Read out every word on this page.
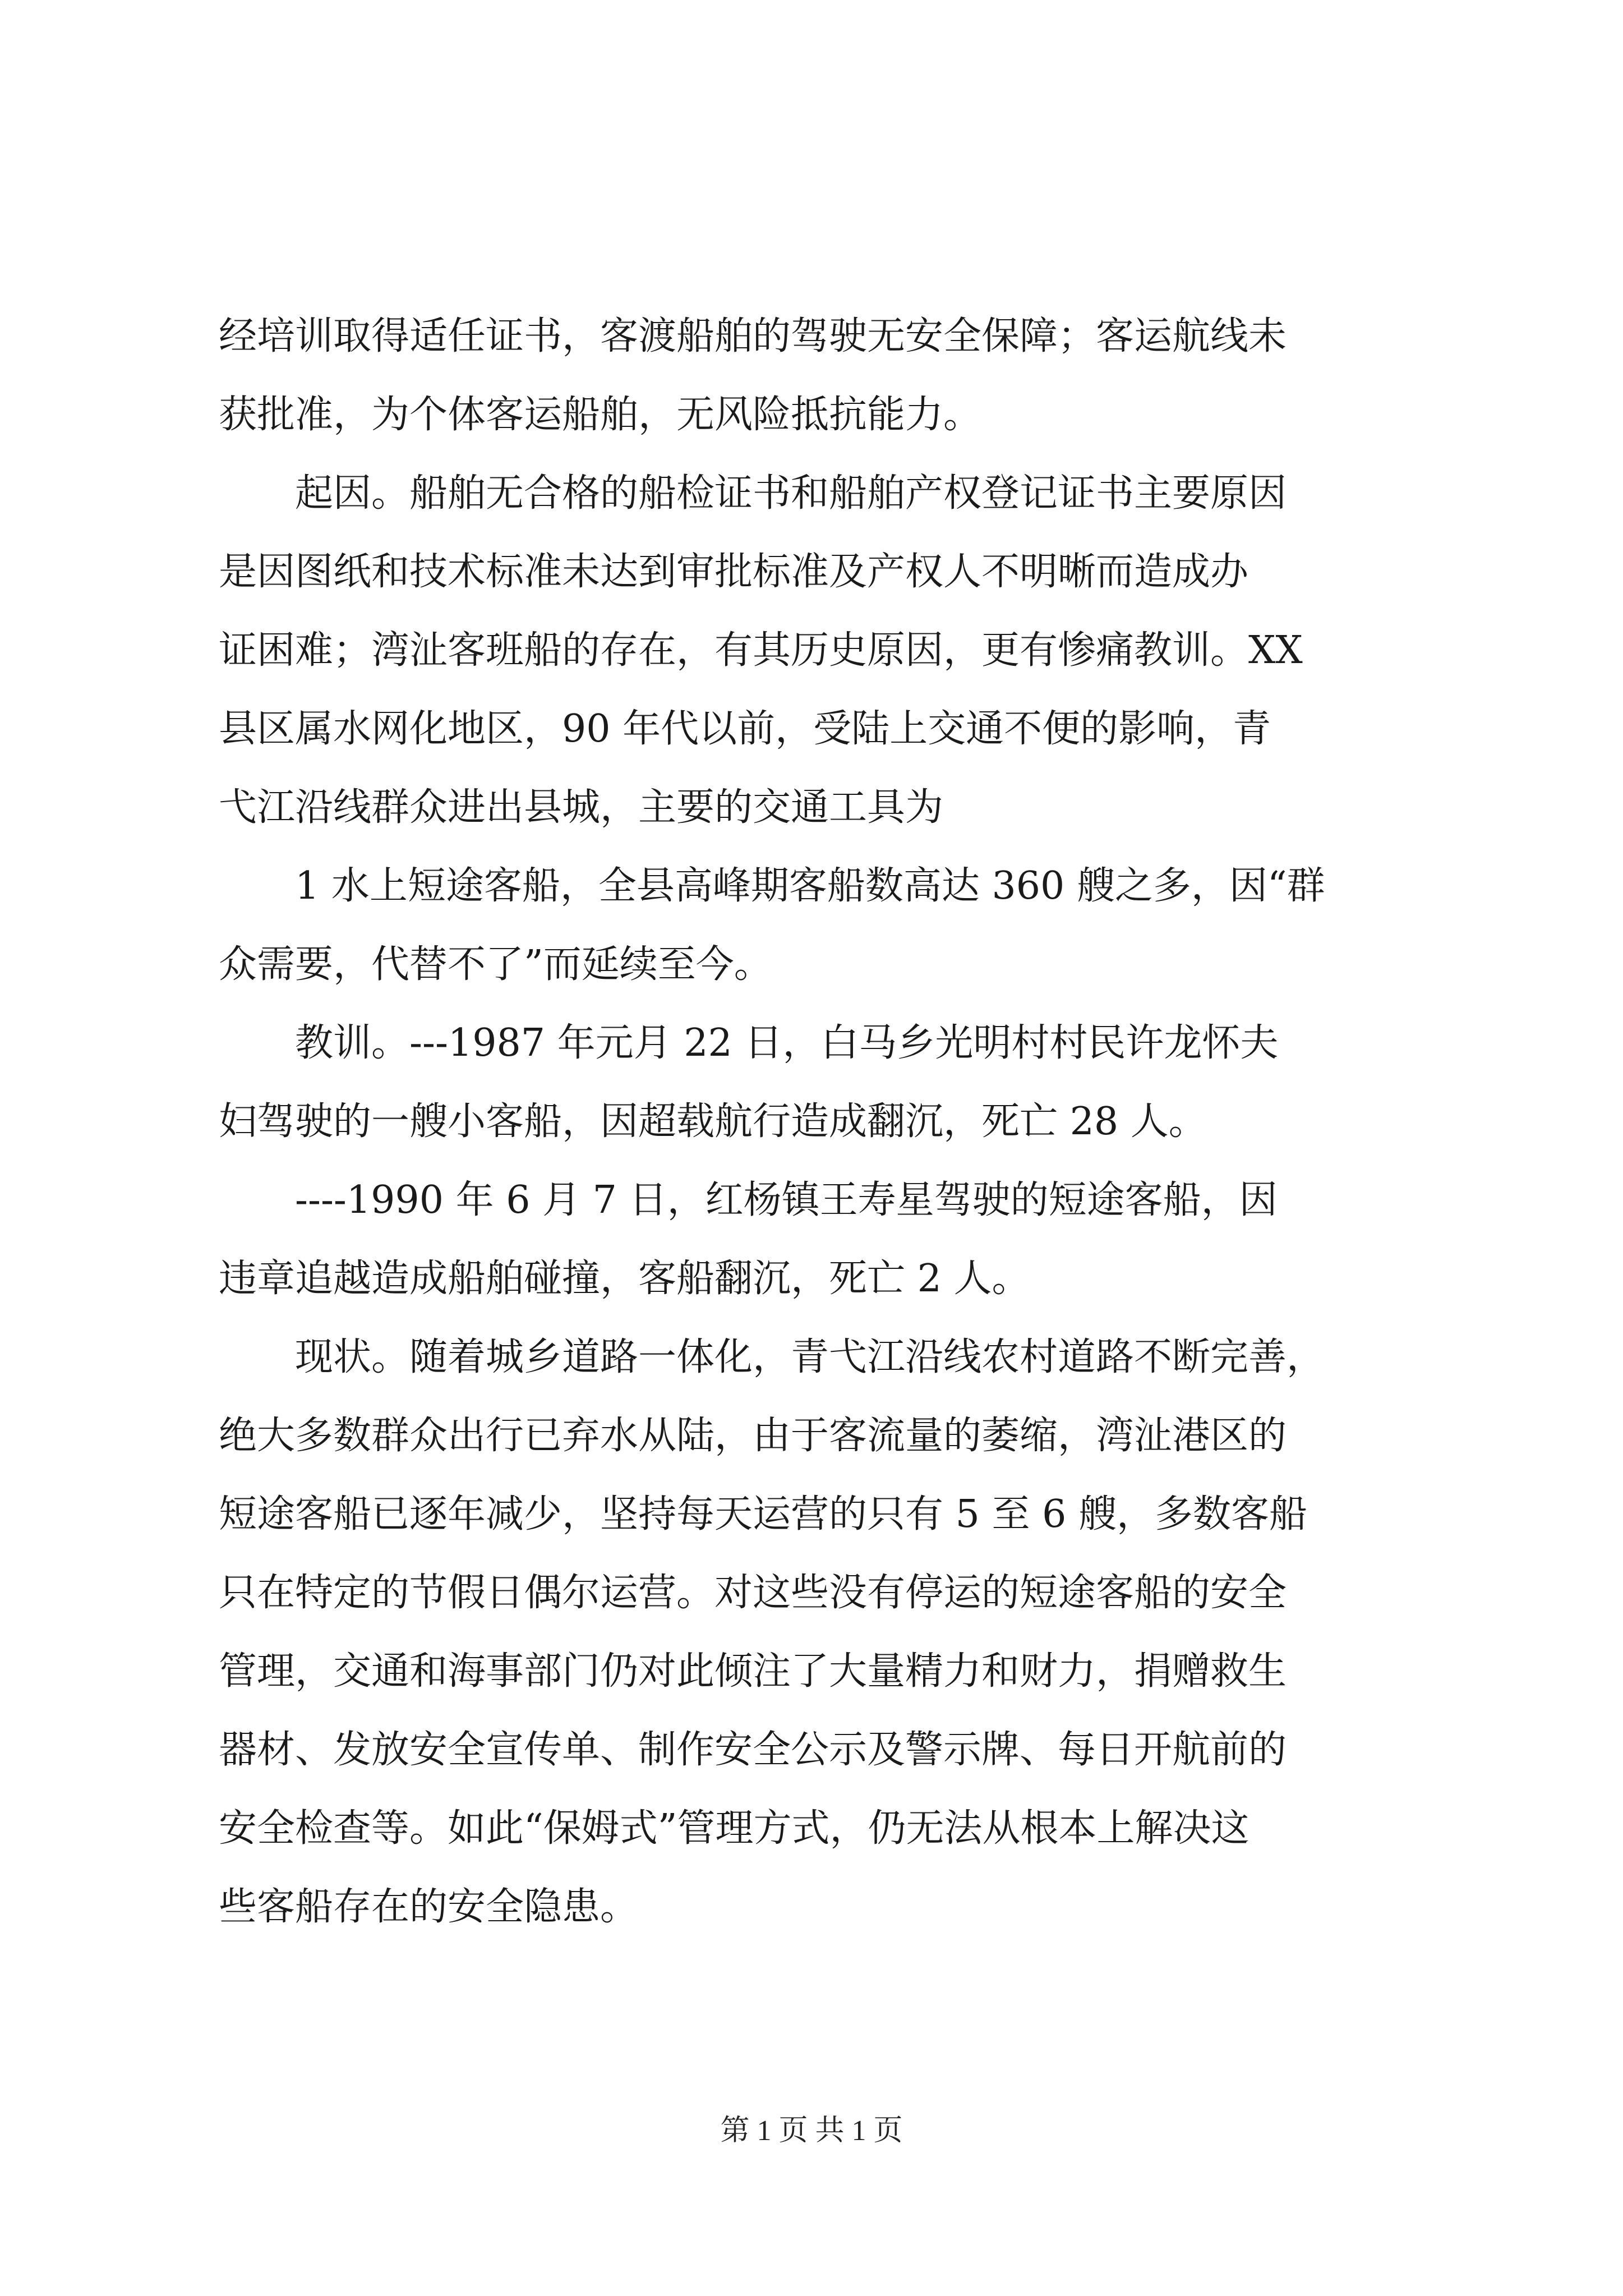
经培训取得适任证书，客渡船舶的驾驶无安全保障；客运航线未
获批准，为个体客运船舶，无风险抵抗能力。
　　起因。船舶无合格的船检证书和船舶产权登记证书主要原因
是因图纸和技术标准未达到审批标准及产权人不明晰而造成办
证困难；湾沚客班船的存在，有其历史原因，更有惨痛教训。XX
县区属水网化地区，90 年代以前，受陆上交通不便的影响，青
弋江沿线群众进出县城，主要的交通工具为
　　1 水上短途客船，全县高峰期客船数高达 360 艘之多，因“群
众需要，代替不了”而延续至今。
　　教训。---1987 年元月 22 日，白马乡光明村村民许龙怀夫
妇驾驶的一艘小客船，因超载航行造成翻沉，死亡 28 人。
　　----1990 年 6 月 7 日，红杨镇王寿星驾驶的短途客船，因
违章追越造成船舶碰撞，客船翻沉，死亡 2 人。
　　现状。随着城乡道路一体化，青弋江沿线农村道路不断完善，
绝大多数群众出行已弃水从陆，由于客流量的萎缩，湾沚港区的
短途客船已逐年减少，坚持每天运营的只有 5 至 6 艘，多数客船
只在特定的节假日偶尔运营。对这些没有停运的短途客船的安全
管理，交通和海事部门仍对此倾注了大量精力和财力，捐赠救生
器材、发放安全宣传单、制作安全公示及警示牌、每日开航前的
安全检查等。如此“保姆式”管理方式，仍无法从根本上解决这
些客船存在的安全隐患。
第 1 页 共 1 页
